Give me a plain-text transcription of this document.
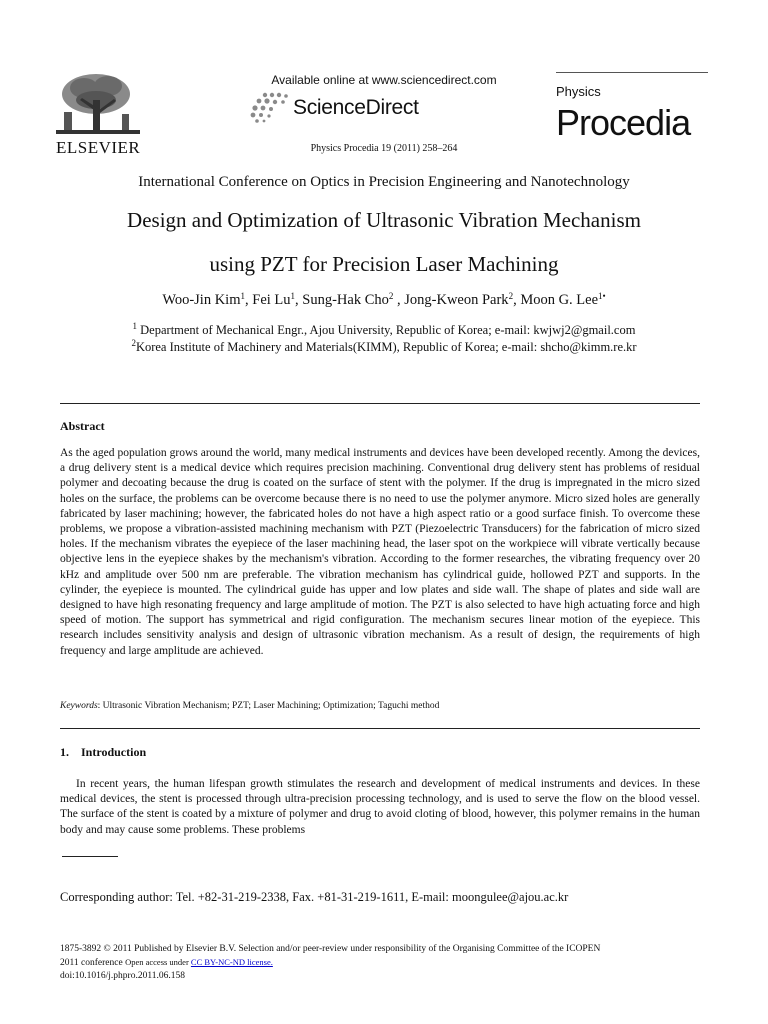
ELSEVIER
Available online at www.sciencedirect.com
ScienceDirect
Physics Procedia 19 (2011) 258–264
Physics
Procedia
International Conference on Optics in Precision Engineering and Nanotechnology
Design and Optimization of Ultrasonic Vibration Mechanism
using PZT for Precision Laser Machining
Woo-Jin Kim$^1$, Fei Lu$^1$, Sung-Hak Cho$^2$ , Jong-Kweon Park$^2$, Moon G. Lee$^{1•}$
$^1$ Department of Mechanical Engr., Ajou University, Republic of Korea; e-mail: kwjwj2@gmail.com
$^2$Korea Institute of Machinery and Materials(KIMM), Republic of Korea; e-mail: shcho@kimm.re.kr
Abstract
As the aged population grows around the world, many medical instruments and devices have been developed recently. Among the devices, a drug delivery stent is a medical device which requires precision machining. Conventional drug delivery stent has problems of residual polymer and decoating because the drug is coated on the surface of stent with the polymer. If the drug is impregnated in the micro sized holes on the surface, the problems can be overcome because there is no need to use the polymer anymore. Micro sized holes are generally fabricated by laser machining; however, the fabricated holes do not have a high aspect ratio or a good surface finish. To overcome these problems, we propose a vibration-assisted machining mechanism with PZT (Piezoelectric Transducers) for the fabrication of micro sized holes. If the mechanism vibrates the eyepiece of the laser machining head, the laser spot on the workpiece will vibrate vertically because objective lens in the eyepiece shakes by the mechanism's vibration. According to the former researches, the vibrating frequency over 20 kHz and amplitude over 500 nm are preferable. The vibration mechanism has cylindrical guide, hollowed PZT and supports. In the cylinder, the eyepiece is mounted. The cylindrical guide has upper and low plates and side wall. The shape of plates and side wall are designed to have high resonating frequency and large amplitude of motion. The PZT is also selected to have high actuating force and high speed of motion. The support has symmetrical and rigid configuration. The mechanism secures linear motion of the eyepiece. This research includes sensitivity analysis and design of ultrasonic vibration mechanism. As a result of design, the requirements of high frequency and large amplitude are achieved.
Keywords: Ultrasonic Vibration Mechanism; PZT; Laser Machining; Optimization; Taguchi method
1. Introduction
In recent years, the human lifespan growth stimulates the research and development of medical instruments and devices. In these medical devices, the stent is processed through ultra-precision processing technology, and is used to serve the flow on the blood vessel. The surface of the stent is coated by a mixture of polymer and drug to avoid cloting of blood, however, this polymer remains in the human body and may cause some problems. These problems
Corresponding author: Tel. +82-31-219-2338, Fax. +81-31-219-1611, E-mail: moongulee@ajou.ac.kr
1875-3892 © 2011 Published by Elsevier B.V. Selection and/or peer-review under responsibility of the Organising Committee of the ICOPEN
2011 conference Open access under CC BY-NC-ND license.
doi:10.1016/j.phpro.2011.06.158
